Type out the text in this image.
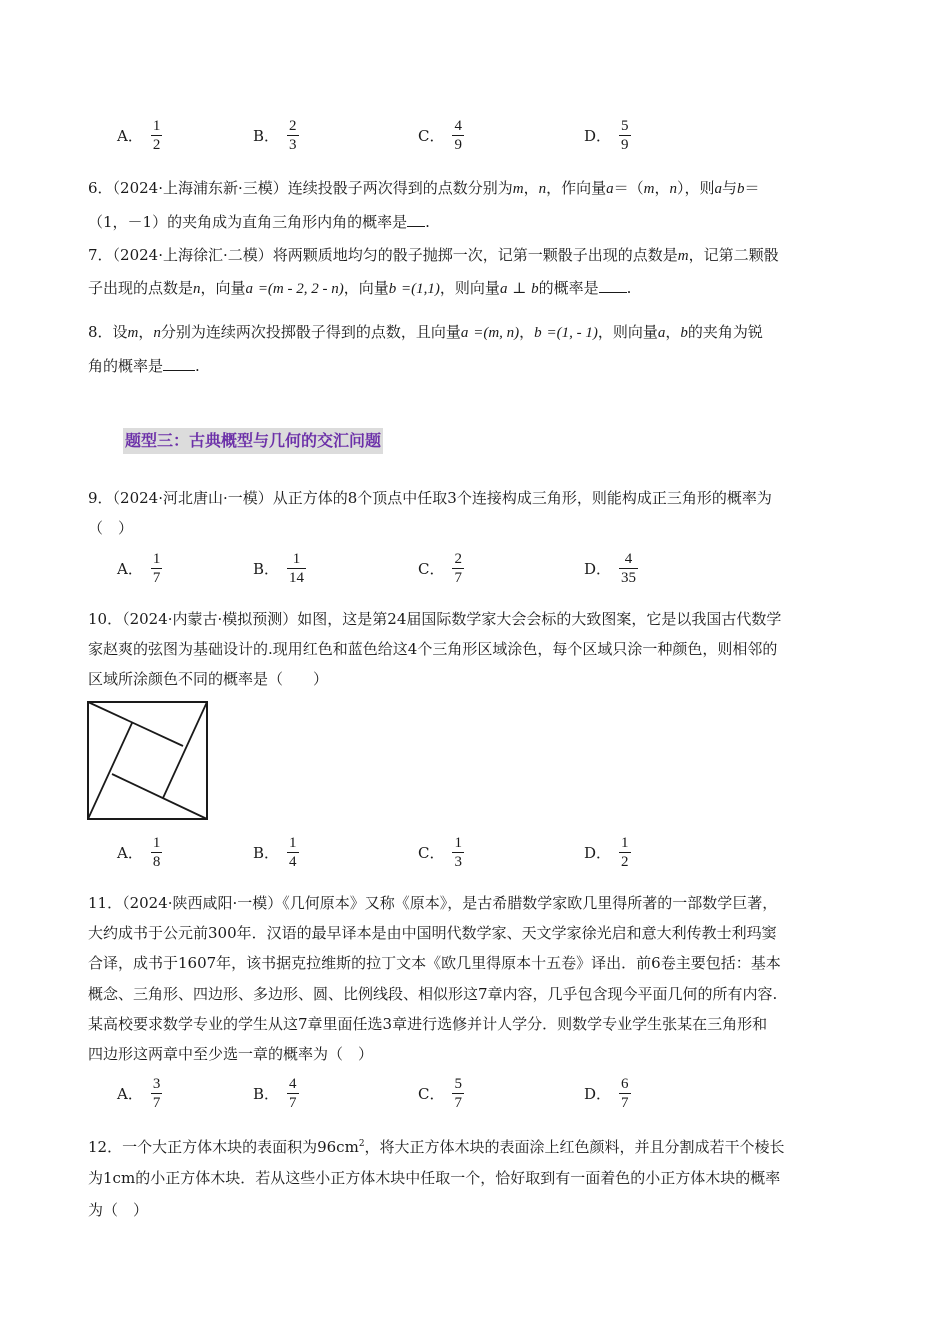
A． $\frac{1}{2}$	B． $\frac{2}{3}$	C． $\frac{4}{9}$	D． $\frac{5}{9}$
6．（2024·上海浦东新·三模）连续投骰子两次得到的点数分别为m，n，作向量a＝（m，n），则a与b＝
（1，－1）的夹角成为直角三角形内角的概率是 .
7．（2024·上海徐汇·二模）将两颗质地均匀的骰子抛掷一次，记第一颗骰子出现的点数是m，记第二颗骰
子出现的点数是n，向量a =(m - 2, 2 - n)，向量b =(1,1)，则向量a ⊥ b的概率是 .
8．设m，n分别为连续两次投掷骰子得到的点数，且向量a =(m, n)，b =(1, - 1)，则向量a，b的夹角为锐
角的概率是 .
题型三：古典概型与几何的交汇问题
9．（2024·河北唐山·一模）从正方体的8个顶点中任取3个连接构成三角形，则能构成正三角形的概率为
（　）
A． $\frac{1}{7}$	B． $\frac{1}{14}$	C． $\frac{2}{7}$	D． $\frac{4}{35}$
10．（2024·内蒙古·模拟预测）如图，这是第24届国际数学家大会会标的大致图案，它是以我国古代数学
家赵爽的弦图为基础设计的.现用红色和蓝色给这4个三角形区域涂色，每个区域只涂一种颜色，则相邻的
区域所涂颜色不同的概率是（　　）
A． $\frac{1}{8}$	B． $\frac{1}{4}$	C． $\frac{1}{3}$	D． $\frac{1}{2}$
11．（2024·陕西咸阳·一模）《几何原本》又称《原本》，是古希腊数学家欧几里得所著的一部数学巨著，
大约成书于公元前300年．汉语的最早译本是由中国明代数学家、天文学家徐光启和意大利传教士利玛窦
合译，成书于1607年，该书据克拉维斯的拉丁文本《欧几里得原本十五卷》译出．前6卷主要包括：基本
概念、三角形、四边形、多边形、圆、比例线段、相似形这7章内容，几乎包含现今平面几何的所有内容.
某高校要求数学专业的学生从这7章里面任选3章进行选修并计人学分．则数学专业学生张某在三角形和
四边形这两章中至少选一章的概率为（　）
A． $\frac{3}{7}$	B． $\frac{4}{7}$	C． $\frac{5}{7}$	D． $\frac{6}{7}$
12．一个大正方体木块的表面积为$96cm^2$，将大正方体木块的表面涂上红色颜料，并且分割成若干个棱长
为1cm的小正方体木块．若从这些小正方体木块中任取一个，恰好取到有一面着色的小正方体木块的概率
为（　）
